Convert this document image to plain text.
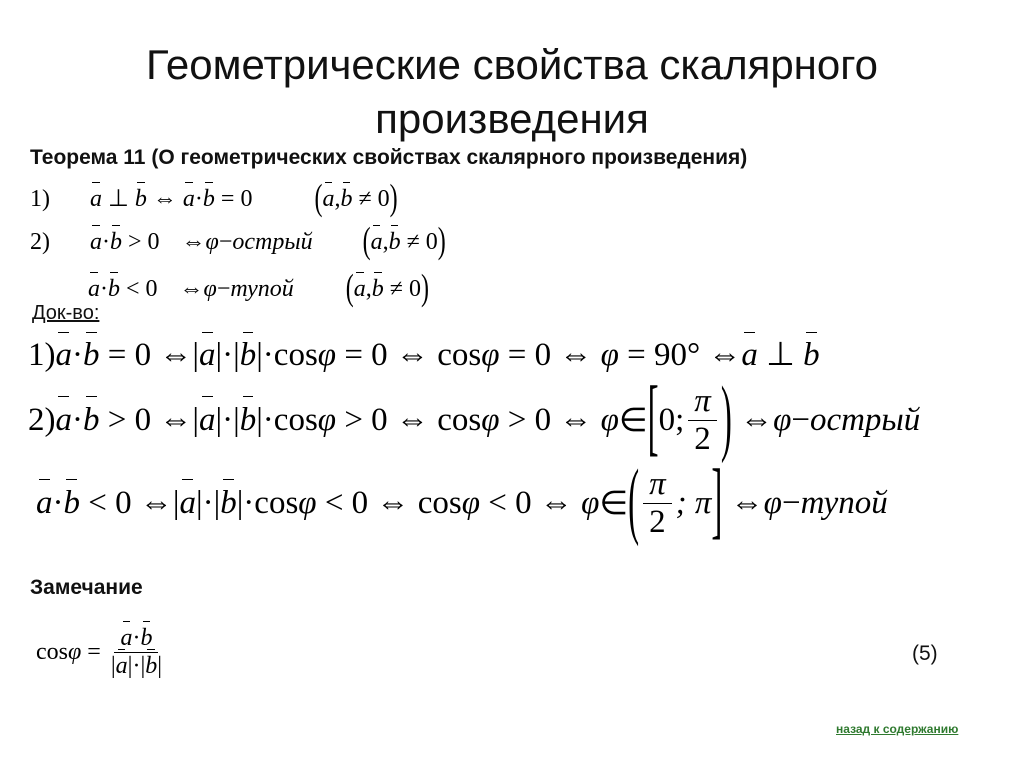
Геометрические свойства скалярного
произведения
Теорема 11 (О геометрических свойствах скалярного произведения)
1) a ⊥ b ⇔ a·b = 0	(a,b ≠ 0)
2) a·b > 0 ⇔φ−острый (a,b ≠ 0)
a·b < 0 ⇔φ−тупой (a,b ≠ 0)
Док-во:
1)a·b = 0 ⇔|a|·|b|·cosφ = 0 ⇔ cosφ = 0 ⇔ φ = 90° ⇔a ⊥ b
2) a · b
> 0
⇔ | a |·| b |· cos φ
> 0
⇔
cos φ
> 0
⇔
φ ∈ [ 0; $\frac{\pi}{2}$ )
⇔ φ − острый
a · b
< 0
⇔ | a |·| b |· cos φ
< 0
⇔
cos φ
< 0
⇔
φ ∈ ( $\frac{\pi}{2}$ ; π ]
⇔ φ − тупой
Замечание
cos φ
= $\frac{a\cdot b}{|a|\cdot|b|}$	(5)
назад к содержанию
